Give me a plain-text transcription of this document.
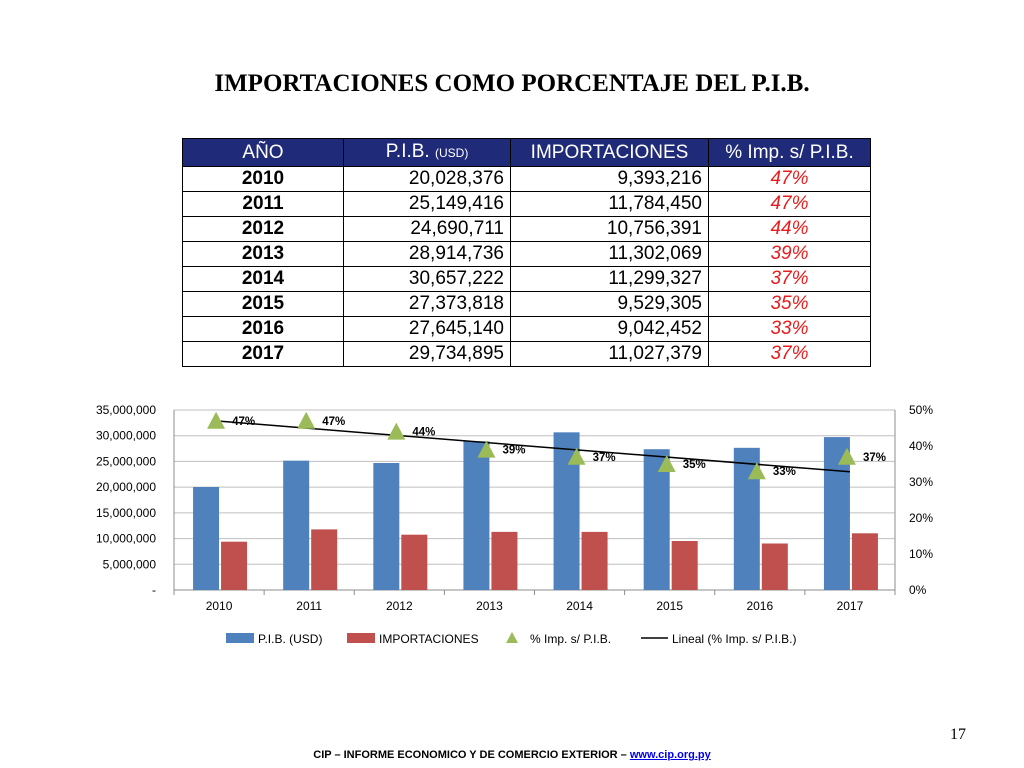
IMPORTACIONES COMO PORCENTAJE DEL P.I.B.
AÑO	P.I.B. (USD)	IMPORTACIONES	% Imp. s/ P.I.B.
2010	20,028,376	9,393,216	47%
2011	25,149,416	11,784,450	47%
2012	24,690,711	10,756,391	44%
2013	28,914,736	11,302,069	39%
2014	30,657,222	11,299,327	37%
2015	27,373,818	9,529,305	35%
2016	27,645,140	9,042,452	33%
2017	29,734,895	11,027,379	37%
-
5,000,000
10,000,000
15,000,000
20,000,000
25,000,000
30,000,000
35,000,000
0%
10%
20%
30%
40%
50%
2010	2011	2012	2013	2014	2015	2016	2017
47%	47%
44%
39%
37%
35%
33%
37%
P.I.B. (USD)	IMPORTACIONES	% Imp. s/ P.I.B.	Lineal (% Imp. s/ P.I.B.)
17
CIP – INFORME ECONOMICO Y DE COMERCIO EXTERIOR – www.cip.org.py
